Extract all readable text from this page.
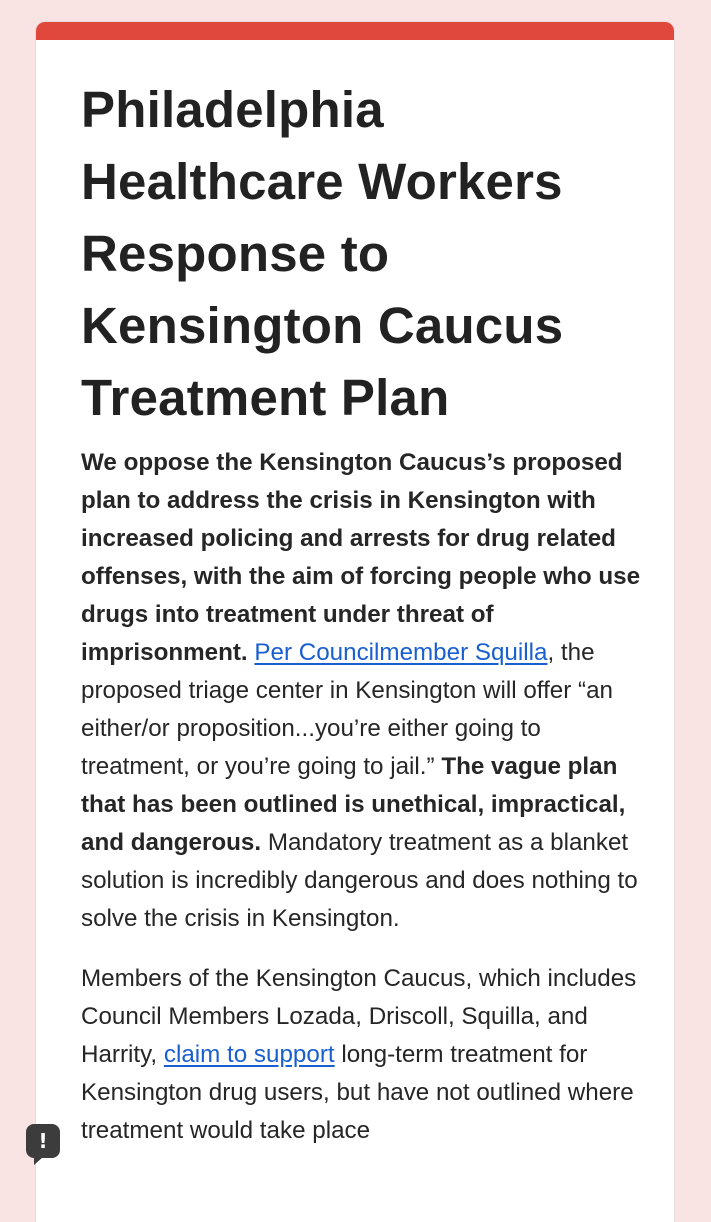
Philadelphia Healthcare Workers Response to Kensington Caucus Treatment Plan

We oppose the Kensington Caucus’s proposed plan to address the crisis in Kensington with increased policing and arrests for drug related offenses, with the aim of forcing people who use drugs into treatment under threat of imprisonment. Per Councilmember Squilla, the proposed triage center in Kensington will offer “an either/or proposition...you’re either going to treatment, or you’re going to jail.” The vague plan that has been outlined is unethical, impractical, and dangerous. Mandatory treatment as a blanket solution is incredibly dangerous and does nothing to solve the crisis in Kensington.

Members of the Kensington Caucus, which includes Council Members Lozada, Driscoll, Squilla, and Harrity, claim to support long-term treatment for Kensington drug users, but have not outlined where treatment would take place

!
